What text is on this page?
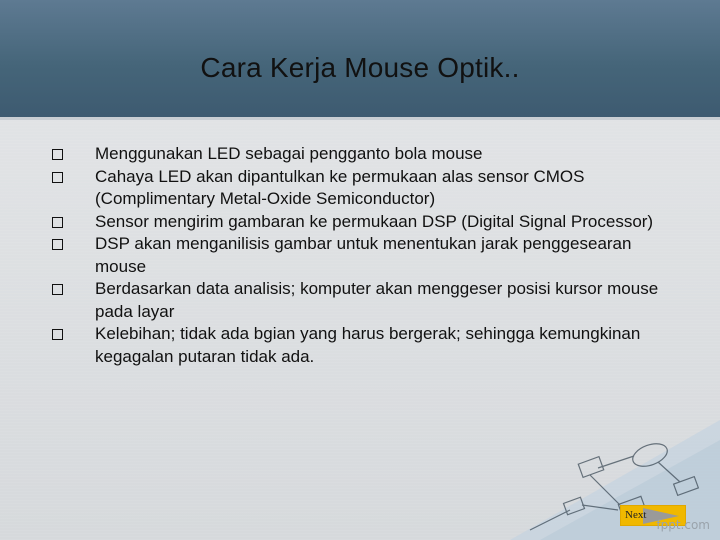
Cara Kerja Mouse Optik..
Menggunakan LED sebagai pengganto bola mouse
Cahaya LED akan dipantulkan ke permukaan alas sensor CMOS (Complimentary Metal-Oxide Semiconductor)
Sensor mengirim gambaran ke permukaan DSP (Digital Signal Processor)
DSP akan menganilisis gambar untuk menentukan jarak penggesearan mouse
Berdasarkan data analisis; komputer akan menggeser posisi kursor mouse pada layar
Kelebihan; tidak ada bgian yang harus bergerak; sehingga kemungkinan kegagalan putaran tidak ada.
Next
fppt.com
